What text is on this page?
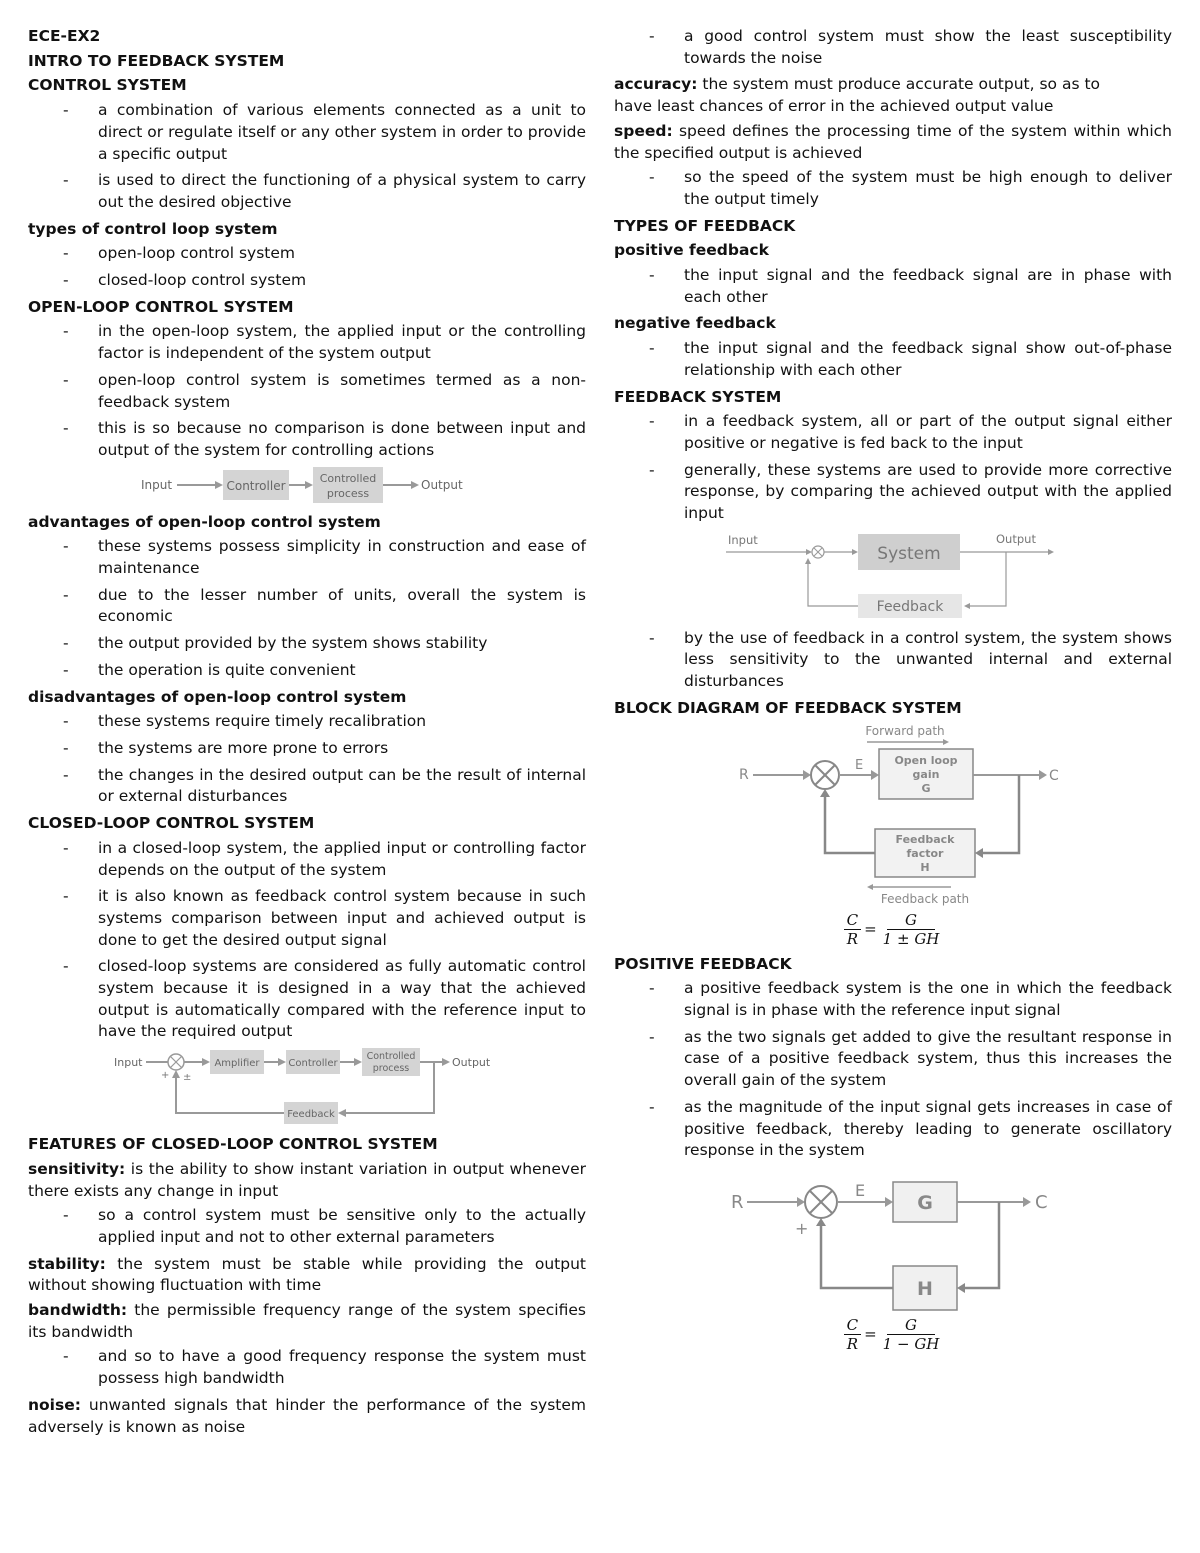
ECE-EX2

INTRO TO FEEDBACK SYSTEM

CONTROL SYSTEM

- a combination of various elements connected as a unit to direct or regulate itself or any other system in order to provide a specific output
- is used to direct the functioning of a physical system to carry out the desired objective

types of control loop system

- open-loop control system
- closed-loop control system

OPEN-LOOP CONTROL SYSTEM

- in the open-loop system, the applied input or the controlling factor is independent of the system output
- open-loop control system is sometimes termed as a non-feedback system
- this is so because no comparison is done between input and output of the system for controlling actions
Input	Controller
Controlled
process
Output

advantages of open-loop control system

- these systems possess simplicity in construction and ease of maintenance
- due to the lesser number of units, overall the system is economic
- the output provided by the system shows stability
- the operation is quite convenient

disadvantages of open-loop control system

- these systems require timely recalibration
- the systems are more prone to errors
- the changes in the desired output can be the result of internal or external disturbances

CLOSED-LOOP CONTROL SYSTEM

- in a closed-loop system, the applied input or controlling factor depends on the output of the system
- it is also known as feedback control system because in such systems comparison between input and achieved output is done to get the desired output signal
- closed-loop systems are considered as fully automatic control system because it is designed in a way that the achieved output is automatically compared with the reference input to have the required output
Input
+ ±
Amplifier	Controller
Controlled
process	Output
Feedback

FEATURES OF CLOSED-LOOP CONTROL SYSTEM

sensitivity: is the ability to show instant variation in output whenever there exists any change in input

- so a control system must be sensitive only to the actually applied input and not to other external parameters

stability: the system must be stable while providing the output without showing fluctuation with time

bandwidth: the permissible frequency range of the system specifies its bandwidth

- and so to have a good frequency response the system must possess high bandwidth

noise: unwanted signals that hinder the performance of the system adversely is known as noise

- a good control system must show the least susceptibility towards the noise

accuracy: the system must produce accurate output, so as to
have least chances of error in the achieved output value

speed: speed defines the processing time of the system within which the specified output is achieved

- so the speed of the system must be high enough to deliver the output timely

TYPES OF FEEDBACK

positive feedback

- the input signal and the feedback signal are in phase with each other

negative feedback

- the input signal and the feedback signal show out-of-phase relationship with each other

FEEDBACK SYSTEM

- in a feedback system, all or part of the output signal either positive or negative is fed back to the input
- generally, these systems are used to provide more corrective response, by comparing the achieved output with the applied input
Input
System
Output
Feedback
- by the use of feedback in a control system, the system shows less sensitivity to the unwanted internal and external disturbances

BLOCK DIAGRAM OF FEEDBACK SYSTEM

Forward path
R
E	Open loop
gain
G
C
Feedback
factor
H
Feedback path
$\frac{C}{R} = \frac{G}{1 \pm GH}$

POSITIVE FEEDBACK

- a positive feedback system is the one in which the feedback signal is in phase with the reference input signal
- as the two signals get added to give the resultant response in case of a positive feedback system, thus this increases the overall gain of the system
- as the magnitude of the input signal gets increases in case of positive feedback, thereby leading to generate oscillatory response in the system
R
E
G	C
+
H
$\frac{C}{R} = \frac{G}{1 - GH}$
